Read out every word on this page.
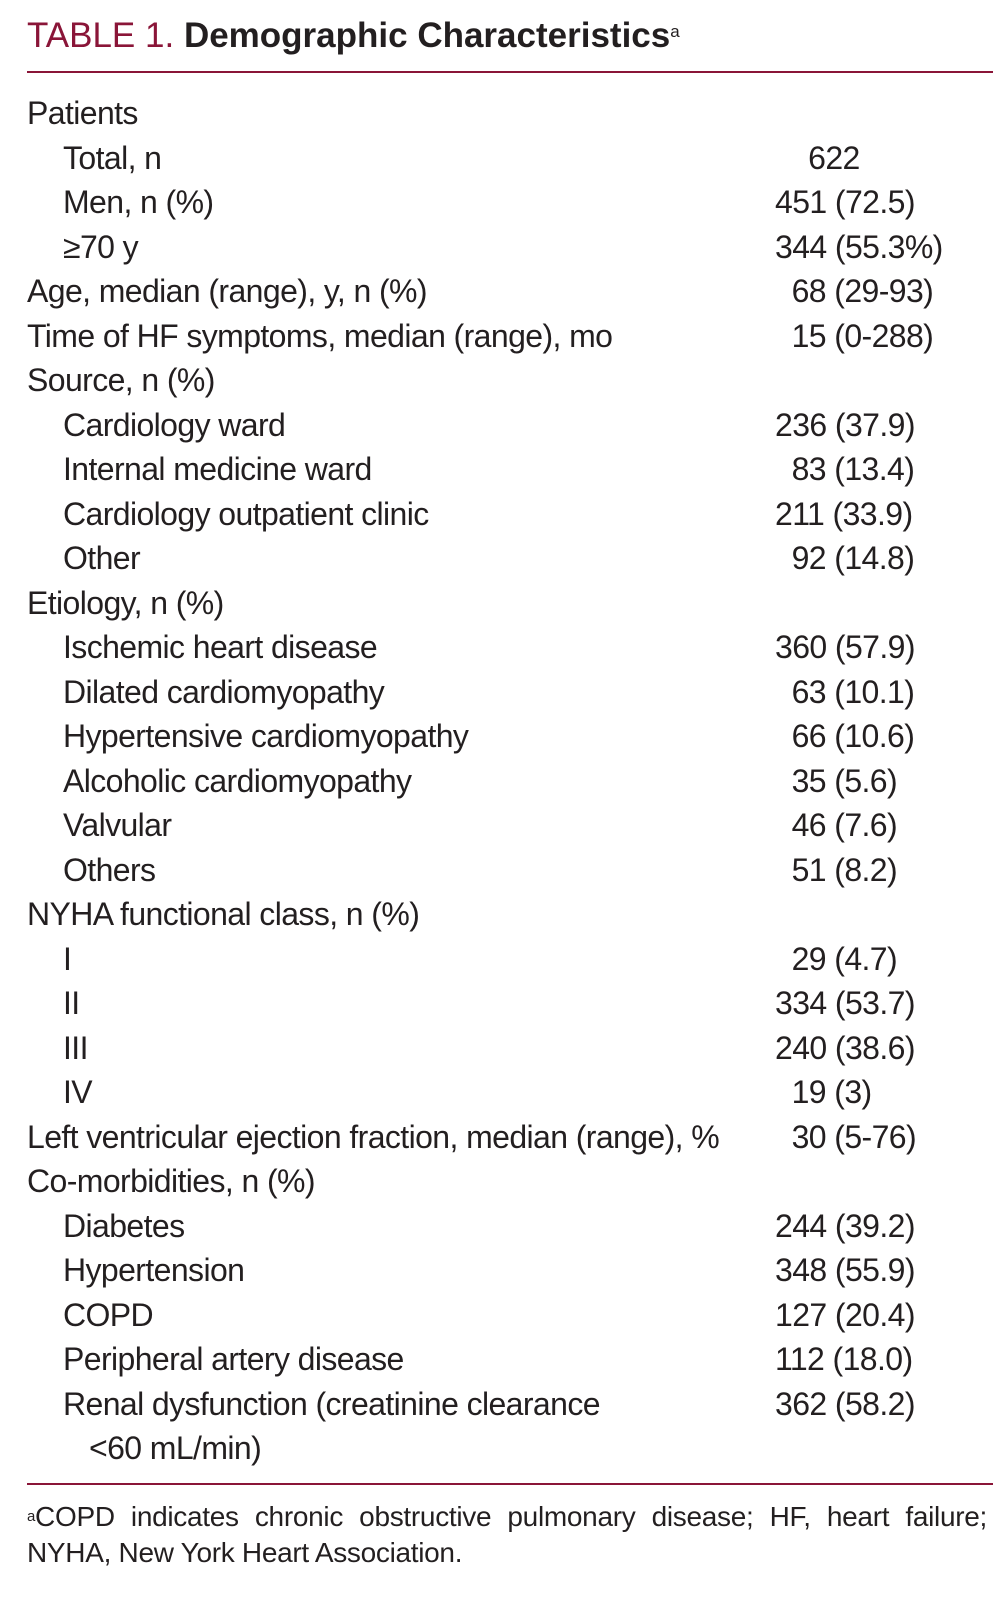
TABLE 1. Demographic Characteristics$^a$
Patients
Total, n	622
Men, n (%)	451 (72.5)
≥70 y	344 (55.3%)
Age, median (range), y, n (%)	68 (29-93)
Time of HF symptoms, median (range), mo	15 (0-288)
Source, n (%)
Cardiology ward	236 (37.9)
Internal medicine ward	83 (13.4)
Cardiology outpatient clinic	211 (33.9)
Other	92 (14.8)
Etiology, n (%)
Ischemic heart disease	360 (57.9)
Dilated cardiomyopathy	63 (10.1)
Hypertensive cardiomyopathy	66 (10.6)
Alcoholic cardiomyopathy	35 (5.6)
Valvular	46 (7.6)
Others	51 (8.2)
NYHA functional class, n (%)
I	29 (4.7)
II	334 (53.7)
III	240 (38.6)
IV	19 (3)
Left ventricular ejection fraction, median (range), % 30 (5-76)
Co-morbidities, n (%)
Diabetes	244 (39.2)
Hypertension	348 (55.9)
COPD	127 (20.4)
Peripheral artery disease	112 (18.0)
Renal dysfunction (creatinine clearance	362 (58.2)
<60 mL/min)
$^a$COPD indicates chronic obstructive pulmonary disease; HF, heart failure; NYHA, New York Heart Association.
